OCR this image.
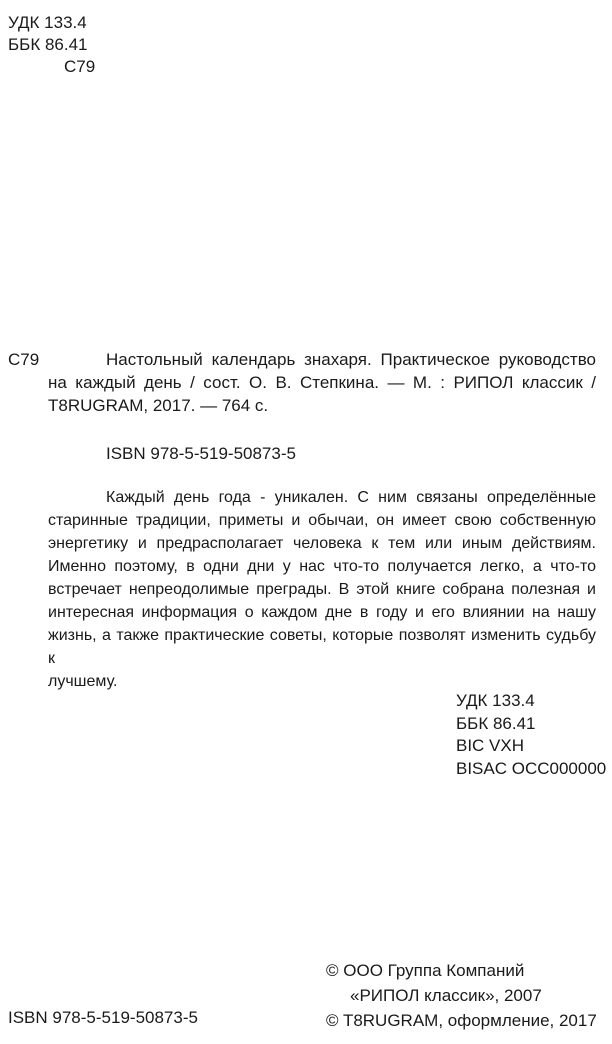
УДК 133.4
ББК 86.41
С79
С79	Настольный календарь знахаря. Практическое руководство
на каждый день / сост. О. В. Степкина. — М. : РИПОЛ классик /
T8RUGRAM, 2017. — 764 с.
ISBN 978-5-519-50873-5
Каждый день года - уникален. С ним связаны определённые
старинные традиции, приметы и обычаи, он имеет свою собственную
энергетику и предрасполагает человека к тем или иным действиям.
Именно поэтому, в одни дни у нас что-то получается легко, а что-то
встречает непреодолимые преграды. В этой книге собрана полезная и
интересная информация о каждом дне в году и его влиянии на нашу
жизнь, а также практические советы, которые позволят изменить судьбу к
лучшему.
УДК 133.4
ББК 86.41
BIC VXH
BISAC OCC000000
© ООО Группа Компаний
«РИПОЛ классик», 2007
© T8RUGRAM, оформление, 2017
ISBN 978-5-519-50873-5
